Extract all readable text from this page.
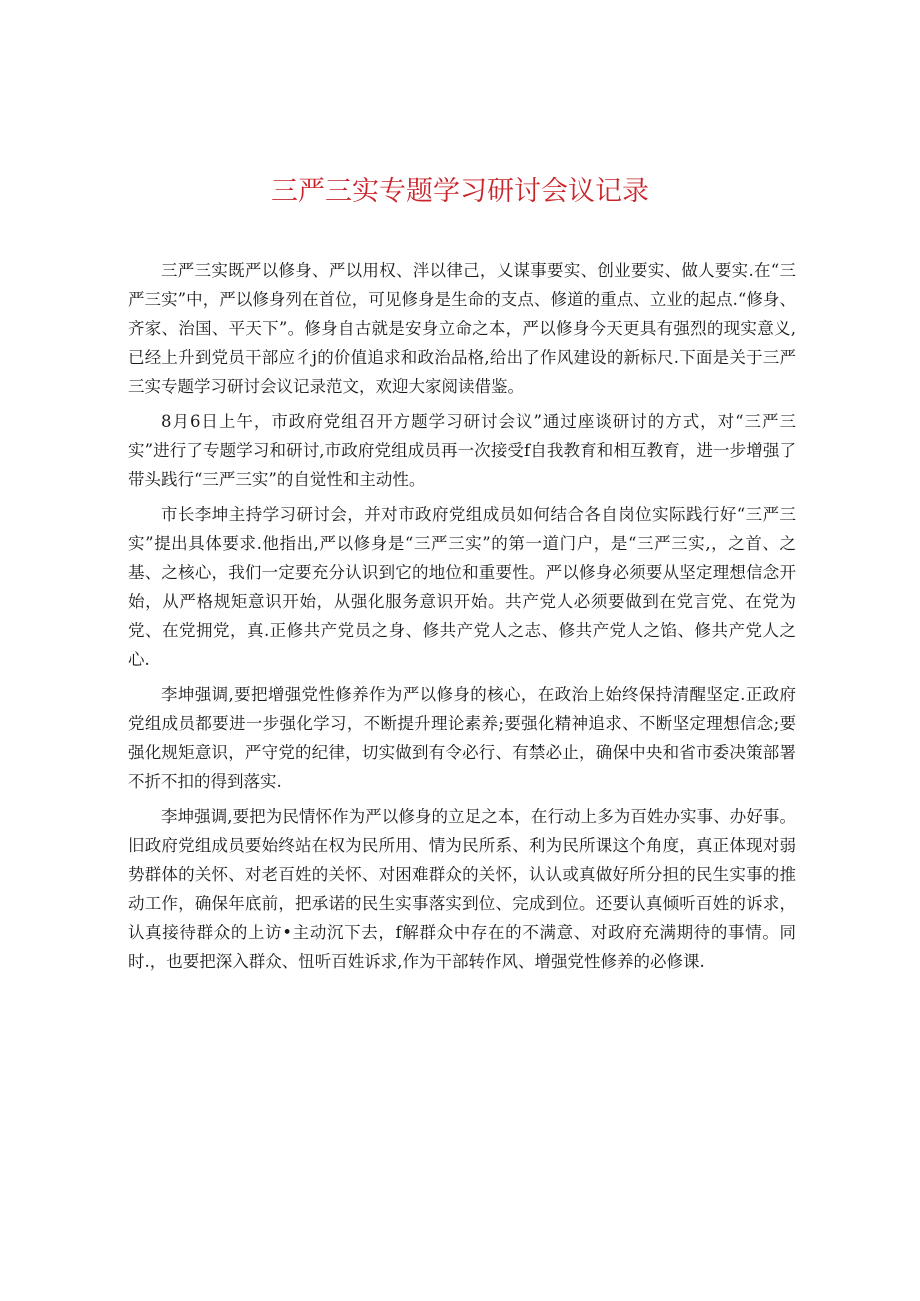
三严三实专题学习研讨会议记录

三严三实既严以修身、严以用权、泮以律己，乂谋事要实、创业要实、做人要实.在“三严三实”中，严以修身列在首位，可见修身是生命的支点、修道的重点、立业的起点.“修身、齐家、治国、平天下”。修身自古就是安身立命之本，严以修身今天更具有强烈的现实意义,已经上升到党员干部应彳j的价值追求和政治品格,给出了作风建设的新标尺.下面是关于三严三实专题学习研讨会议记录范文，欢迎大家阅读借鉴。

8月6日上午，市政府党组召开方题学习研讨会议”通过座谈研讨的方式，对“三严三实”进行了专题学习和研讨,市政府党组成员再一次接受f自我教育和相互教育，进一步增强了带头践行“三严三实”的自觉性和主动性。

市长李坤主持学习研讨会，并对市政府党组成员如何结合各自岗位实际践行好“三严三实”提出具体要求.他指出,严以修身是“三严三实”的第一道门户，是“三严三实,，之首、之基、之核心，我们一定要充分认识到它的地位和重要性。严以修身必须要从坚定理想信念开始，从严格规矩意识开始，从强化服务意识开始。共产党人必须要做到在党言党、在党为党、在党拥党，真.正修共产党员之身、修共产党人之志、修共产党人之馅、修共产党人之心.

李坤强调,要把增强党性修养作为严以修身的核心，在政治上始终保持清醒坚定.正政府党组成员都要进一步强化学习，不断提升理论素养;要强化精神追求、不断坚定理想信念;要强化规矩意识，严守党的纪律，切实做到有令必行、有禁必止，确保中央和省市委决策部署不折不扣的得到落实.

李坤强调,要把为民情怀作为严以修身的立足之本，在行动上多为百姓办实事、办好事。旧政府党组成员要始终站在权为民所用、情为民所系、利为民所课这个角度，真正体现对弱势群体的关怀、对老百姓的关怀、对困难群众的关怀，认认或真做好所分担的民生实事的推动工作，确保年底前，把承诺的民生实事落实到位、完成到位。还要认真倾听百姓的诉求，认真接待群众的上访•主动沉下去，f解群众中存在的不满意、对政府充满期待的事情。同时.，也要把深入群众、忸听百姓诉求,作为干部转作风、增强党性修养的必修课.
